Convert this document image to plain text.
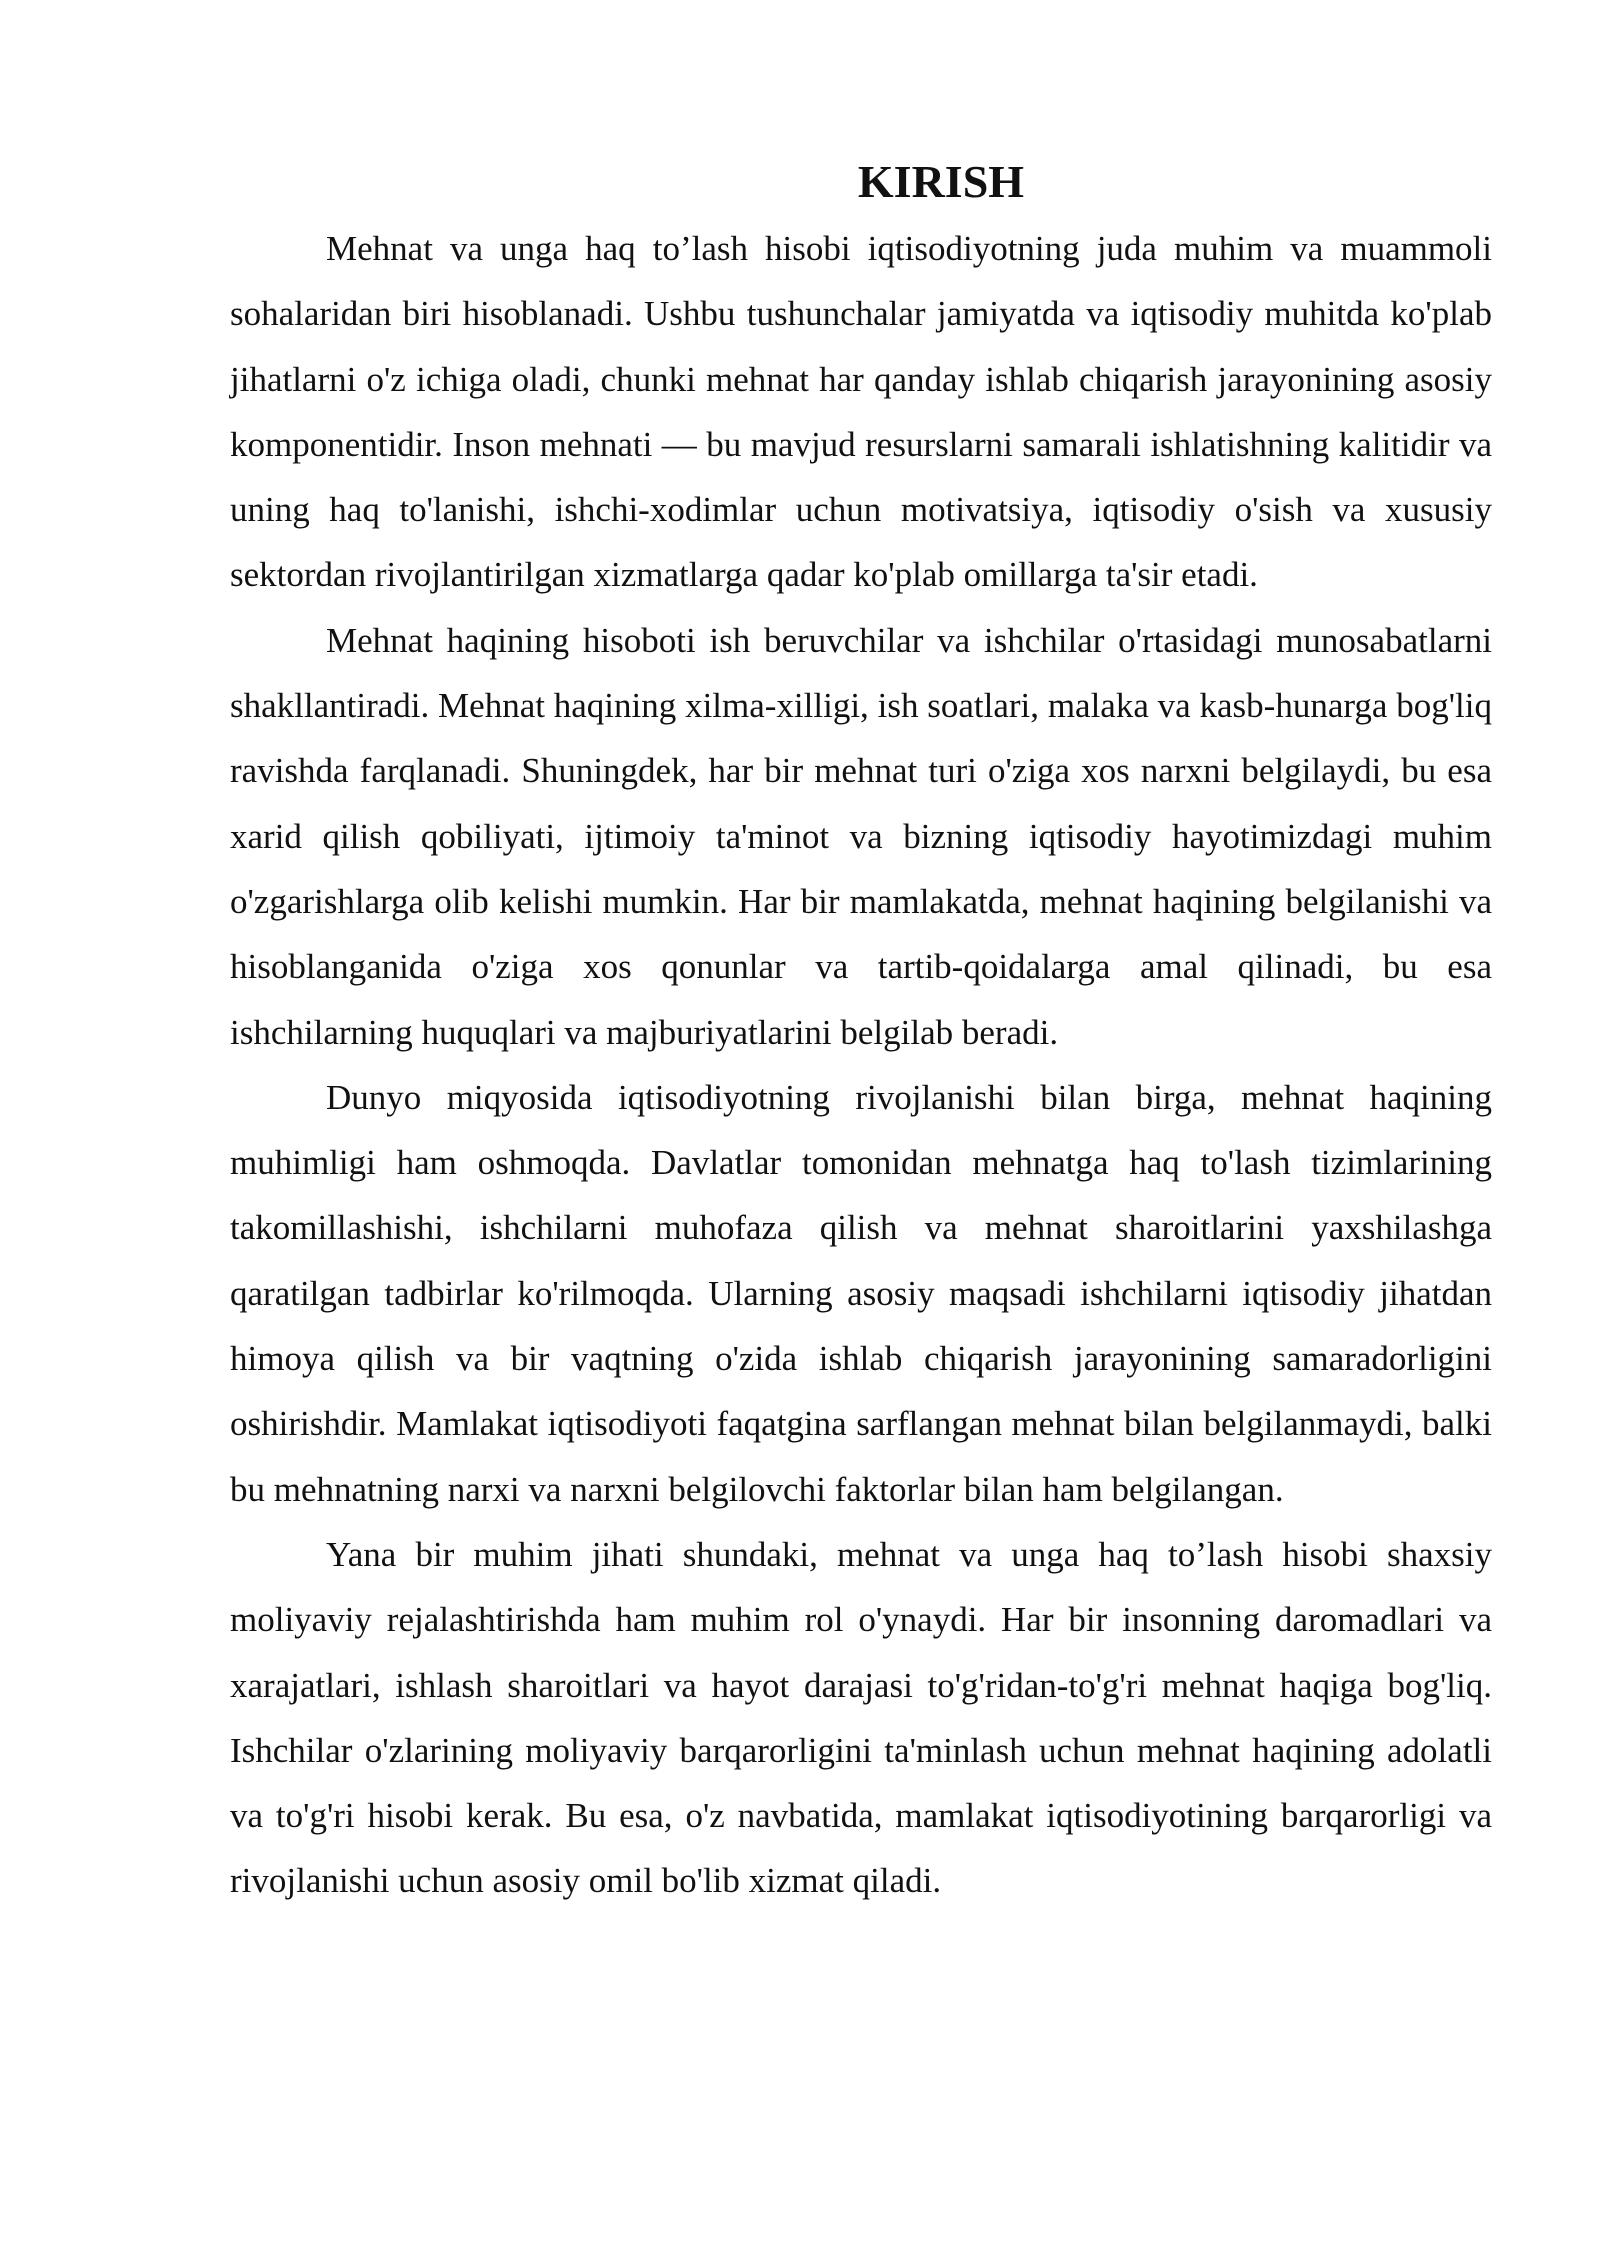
KIRISH

Mehnat va unga haq to’lash hisobi iqtisodiyotning juda muhim va muammoli sohalaridan biri hisoblanadi. Ushbu tushunchalar jamiyatda va iqtisodiy muhitda ko'plab jihatlarni o'z ichiga oladi, chunki mehnat har qanday ishlab chiqarish jarayonining asosiy komponentidir. Inson mehnati — bu mavjud resurslarni samarali ishlatishning kalitidir va uning haq to'lanishi, ishchi-xodimlar uchun motivatsiya, iqtisodiy o'sish va xususiy sektordan rivojlantirilgan xizmatlarga qadar ko'plab omillarga ta'sir etadi.

Mehnat haqining hisoboti ish beruvchilar va ishchilar o'rtasidagi munosabatlarni shakllantiradi. Mehnat haqining xilma-xilligi, ish soatlari, malaka va kasb-hunarga bog'liq ravishda farqlanadi. Shuningdek, har bir mehnat turi o'ziga xos narxni belgilaydi, bu esa xarid qilish qobiliyati, ijtimoiy ta'minot va bizning iqtisodiy hayotimizdagi muhim o'zgarishlarga olib kelishi mumkin. Har bir mamlakatda, mehnat haqining belgilanishi va hisoblanganida o'ziga xos qonunlar va tartib-qoidalarga amal qilinadi, bu esa ishchilarning huquqlari va majburiyatlarini belgilab beradi.

Dunyo miqyosida iqtisodiyotning rivojlanishi bilan birga, mehnat haqining muhimligi ham oshmoqda. Davlatlar tomonidan mehnatga haq to'lash tizimlarining takomillashishi, ishchilarni muhofaza qilish va mehnat sharoitlarini yaxshilashga qaratilgan tadbirlar ko'rilmoqda. Ularning asosiy maqsadi ishchilarni iqtisodiy jihatdan himoya qilish va bir vaqtning o'zida ishlab chiqarish jarayonining samaradorligini oshirishdir. Mamlakat iqtisodiyoti faqatgina sarflangan mehnat bilan belgilanmaydi, balki bu mehnatning narxi va narxni belgilovchi faktorlar bilan ham belgilangan.

Yana bir muhim jihati shundaki, mehnat va unga haq to’lash hisobi shaxsiy moliyaviy rejalashtirishda ham muhim rol o'ynaydi. Har bir insonning daromadlari va xarajatlari, ishlash sharoitlari va hayot darajasi to'g'ridan-to'g'ri mehnat haqiga bog'liq. Ishchilar o'zlarining moliyaviy barqarorligini ta'minlash uchun mehnat haqining adolatli va to'g'ri hisobi kerak. Bu esa, o'z navbatida, mamlakat iqtisodiyotining barqarorligi va rivojlanishi uchun asosiy omil bo'lib xizmat qiladi.
